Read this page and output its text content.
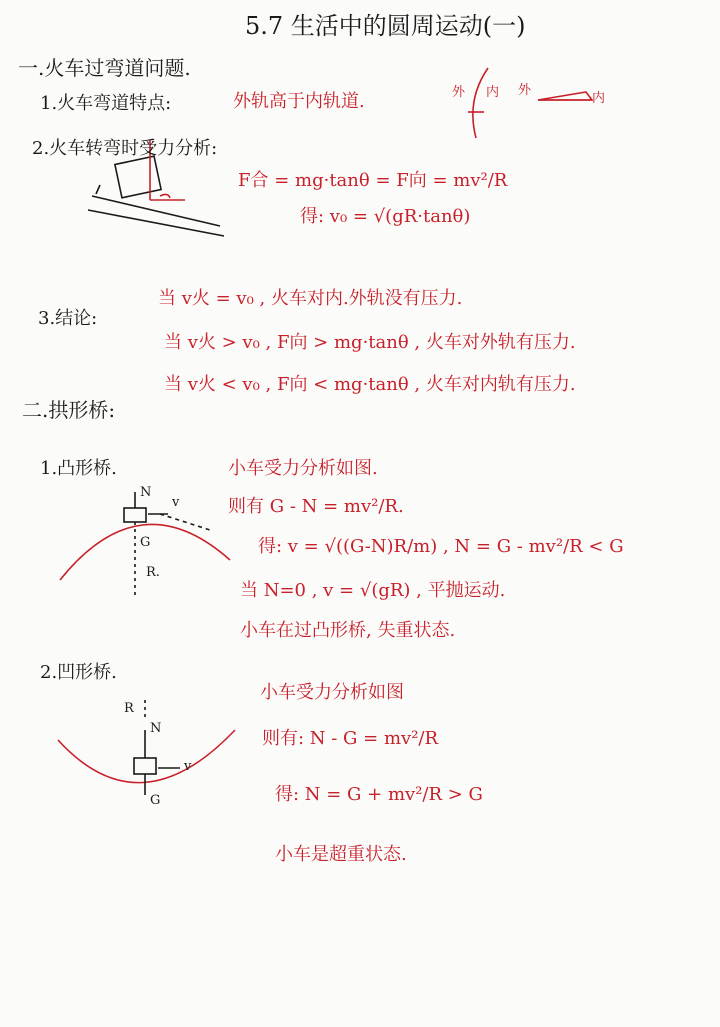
5.7 生活中的圆周运动(一)
一.火车过弯道问题.
1.火车弯道特点:	外轨高于内轨道.	外 内 外
内
2.火车转弯时受力分析:
F合 = mg·tanθ = F向 = mv²/R
得: v₀ = √(gR·tanθ)
3.结论:
当 v火 = v₀ , 火车对内.外轨没有压力.
当 v火 > v₀ , F向 > mg·tanθ , 火车对外轨有压力.
当 v火 < v₀ , F向 < mg·tanθ , 火车对内轨有压力.
二.拱形桥:
1.凸形桥.
N
v
G
R.
小车受力分析如图.
则有 G - N = mv²/R.
得: v = √((G-N)R/m) , N = G - mv²/R < G
当 N=0 , v = √(gR) , 平抛运动.
小车在过凸形桥, 失重状态.
2.凹形桥.
R
N
v
G
小车受力分析如图
则有: N - G = mv²/R
得: N = G + mv²/R > G
小车是超重状态.
